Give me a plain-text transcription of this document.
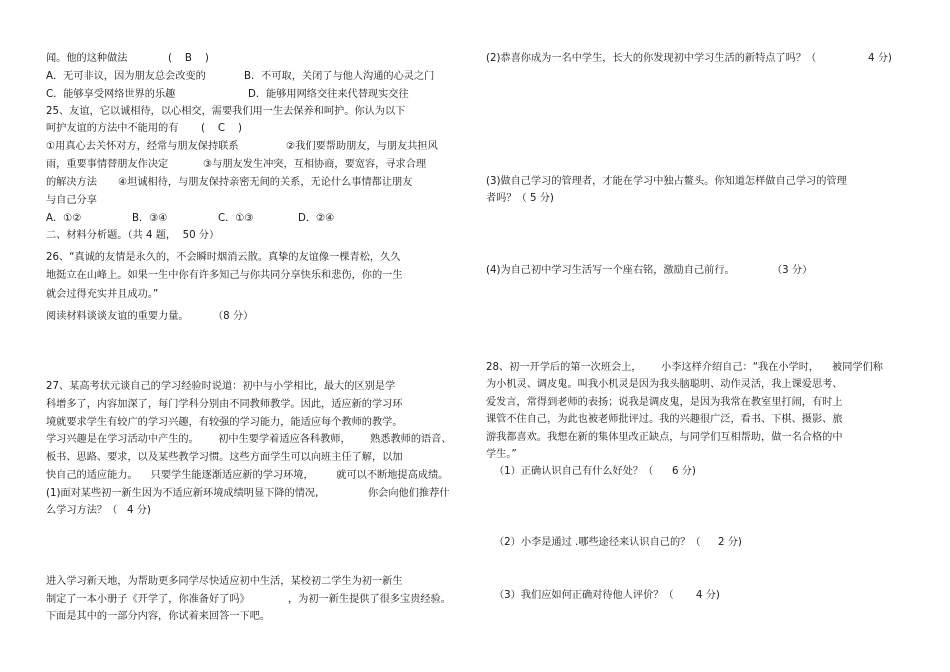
闻。他的这种做法	(    B    )
A．无可非议，因为朋友总会改变的	B．不可取，关闭了与他人沟通的心灵之门
C．能够享受网络世界的乐趣	D．能够用网络交往来代替现实交往
25、友谊，它以诚相待，以心相交，需要我们用一生去保养和呵护。你认为以下
呵护友谊的方法中不能用的有 (    C    )
①用真心去关怀对方，经常与朋友保持联系	②我们要帮助朋友，与朋友共担风
雨，重要事情替朋友作决定	③与朋友发生冲突，互相协商，要宽容，寻求合理
的解决方法 ④坦诚相待，与朋友保持亲密无间的关系，无论什么事情都让朋友
与自己分享
A．①②	B．③④	C．①③	D．②④
二、材料分析题。（共 4 题，  50 分）
26、“真诚的友情是永久的，不会瞬时烟消云散。真挚的友谊像一棵青松，久久
地挺立在山峰上。如果一生中你有许多知己与你共同分享快乐和悲伤，你的一生
就会过得充实并且成功。”
阅读材料谈谈友谊的重要力量。 （8 分）
27、某高考状元谈自己的学习经验时说道：初中与小学相比，最大的区别是学
科增多了，内容加深了，每门学科分别由不同教师教学。因此，适应新的学习环
境就要求学生有较广的学习兴趣，有较强的学习能力，能适应每个教师的教学。
学习兴趣是在学习活动中产生的。      初中生要学着适应各科教师，      熟悉教师的语音、
板书、思路、要求，以及某些教学习惯。这些方面学生可以向班主任了解，以加
快自己的适应能力。    只要学生能逐渐适应新的学习环境，       就可以不断地提高成绩。
(1)面对某些初一新生因为不适应新环境成绩明显下降的情况,	你会向他们推荐什
么学习方法？（   4 分)
进入学习新天地，为帮助更多同学尽快适应初中生活，某校初二学生为初一新生
制定了一本小册子《开学了，你准备好了吗》	，为初一新生提供了很多宝贵经验。
下面是其中的一部分内容，你试着来回答一下吧。
(2)恭喜你成为一名中学生，长大的你发现初中学习生活的新特点了吗？（	4 分)
(3)做自己学习的管理者，才能在学习中独占鳌头。你知道怎样做自己学习的管理
者吗？（ 5 分)
(4)为自己初中学习生活写一个座右铭，激励自己前行。	（3 分）
28、初一开学后的第一次班会上，      小李这样介绍自己：“我在小学时，    被同学们称
为小机灵、调皮鬼。叫我小机灵是因为我头脑聪明、动作灵活，我上课爱思考、
爱发言，常得到老师的表扬；说我是调皮鬼，是因为我常在教室里打闹，有时上
课管不住自己，为此也被老师批评过。我的兴趣很广泛，看书、下棋、摄影、旅
游我都喜欢。我想在新的集体里改正缺点，与同学们互相帮助，做一名合格的中
学生。”
（1）正确认识自己有什么好处？（ 6 分)
（2）小李是通过 .哪些途径来认识自己的？（ 2 分)
（3）我们应如何正确对待他人评价？（ 4 分)
